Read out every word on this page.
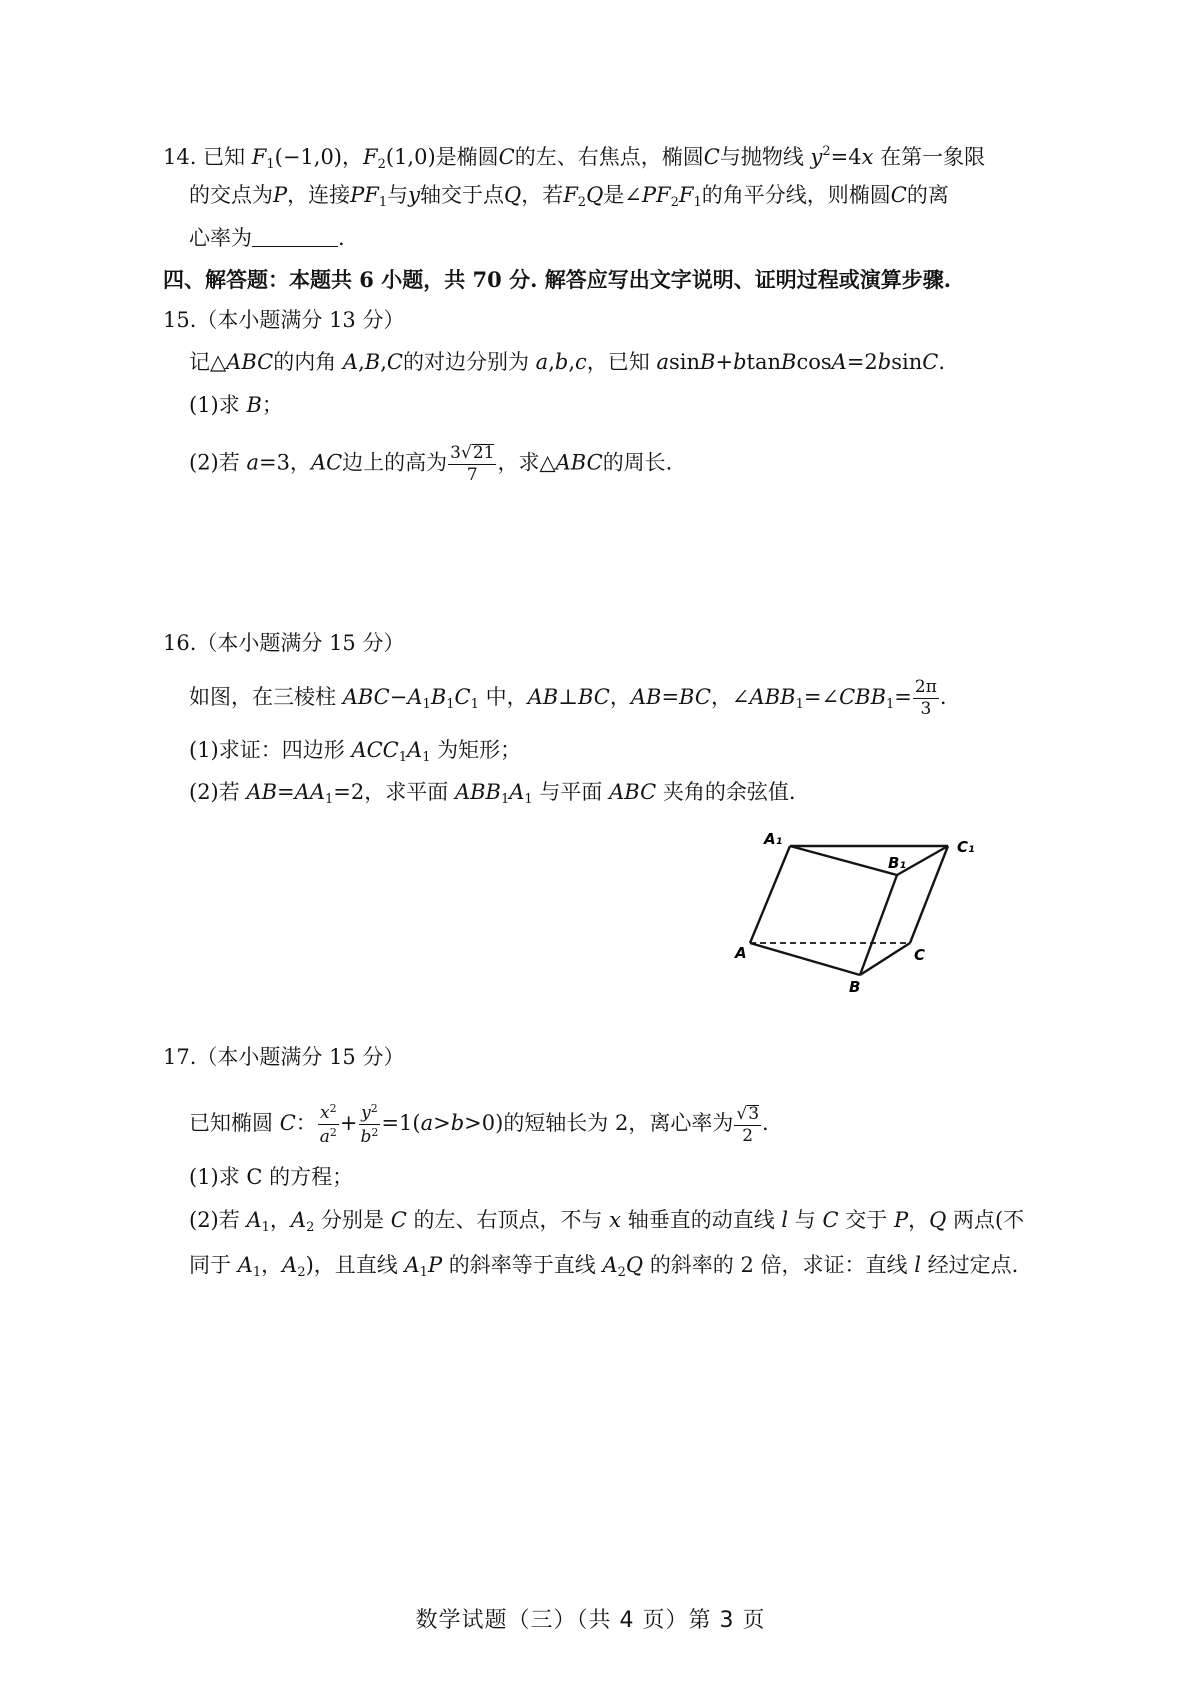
14. 已知 $F_1(-1,0)$，$F_2(1,0)$是椭圆C的左、右焦点，椭圆C与抛物线 $y^2=4x$ 在第一象限
的交点为P，连接$PF_1$与y轴交于点Q，若$F_2Q$是$\angle PF_2F_1$的角平分线，则椭圆C的离
心率为	.
四、解答题：本题共 6 小题，共 70 分. 解答应写出文字说明、证明过程或演算步骤.
15.（本小题满分 13 分）
记△ABC的内角 A,B,C的对边分别为 a,b,c，已知 asinB+btanBcosA=2bsinC.
(1)求 B；
(2)若 a=3，AC边上的高为 $\frac{3√21}{7}$ ，求△ABC的周长.
16.（本小题满分 15 分）
如图，在三棱柱 $ABC-A_1B_1C_1$ 中，AB⊥BC，AB=BC，$\angle ABB_1=\angle CBB_1= \frac{2\pi}{3}$ .
(1)求证：四边形 $ACC_1A_1$ 为矩形；
(2)若 $AB=AA_1=2$，求平面 $ABB_1A_1$ 与平面 ABC 夹角的余弦值.
A₁
B₁
C₁
A
B
C
17.（本小题满分 15 分）
已知椭圆 C： $\frac{x^2}{a^2} + \frac{y^2}{b^2} =1(a>b>0)$的短轴长为 2，离心率为 $\frac{√3}{2}$ .
(1)求 C 的方程；
(2)若 $A_1$，$A_2$ 分别是 C 的左、右顶点，不与 x 轴垂直的动直线 l 与 C 交于 P，Q 两点(不
同于 $A_1$，$A_2$)，且直线 $A_1P$ 的斜率等于直线 $A_2Q$ 的斜率的 2 倍，求证：直线 l 经过定点.
数学试题（三）（共 4 页）第 3 页
